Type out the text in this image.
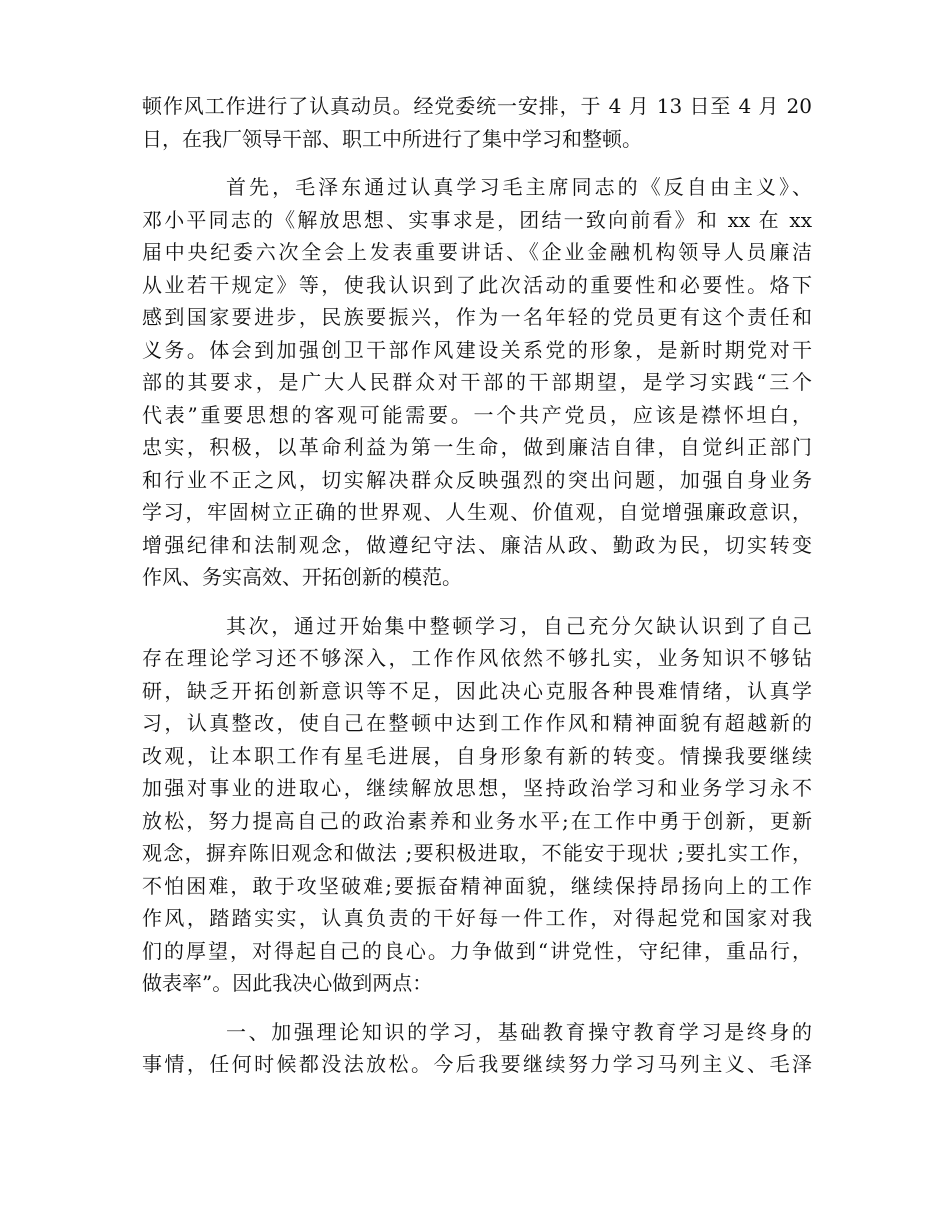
顿作风工作进行了认真动员。经党委统一安排，于 4 月 13 日至 4 月 20
日，在我厂领导干部、职工中所进行了集中学习和整顿。
首先，毛泽东通过认真学习毛主席同志的《反自由主义》、
邓小平同志的《解放思想、实事求是，团结一致向前看》和 xx 在 xx
届中央纪委六次全会上发表重要讲话、《企业金融机构领导人员廉洁
从业若干规定》等，使我认识到了此次活动的重要性和必要性。烙下
感到国家要进步，民族要振兴，作为一名年轻的党员更有这个责任和
义务。体会到加强创卫干部作风建设关系党的形象，是新时期党对干
部的其要求，是广大人民群众对干部的干部期望，是学习实践“三个
代表”重要思想的客观可能需要。一个共产党员，应该是襟怀坦白，
忠实，积极，以革命利益为第一生命，做到廉洁自律，自觉纠正部门
和行业不正之风，切实解决群众反映强烈的突出问题，加强自身业务
学习，牢固树立正确的世界观、人生观、价值观，自觉增强廉政意识，
增强纪律和法制观念，做遵纪守法、廉洁从政、勤政为民，切实转变
作风、务实高效、开拓创新的模范。
其次，通过开始集中整顿学习，自己充分欠缺认识到了自己
存在理论学习还不够深入，工作作风依然不够扎实，业务知识不够钻
研，缺乏开拓创新意识等不足，因此决心克服各种畏难情绪，认真学
习，认真整改，使自己在整顿中达到工作作风和精神面貌有超越新的
改观，让本职工作有星毛进展，自身形象有新的转变。情操我要继续
加强对事业的进取心，继续解放思想，坚持政治学习和业务学习永不
放松，努力提高自己的政治素养和业务水平;在工作中勇于创新，更新
观念，摒弃陈旧观念和做法 ;要积极进取，不能安于现状 ;要扎实工作，
不怕困难，敢于攻坚破难;要振奋精神面貌，继续保持昂扬向上的工作
作风，踏踏实实，认真负责的干好每一件工作，对得起党和国家对我
们的厚望，对得起自己的良心。力争做到“讲党性，守纪律，重品行，
做表率”。因此我决心做到两点：
一、加强理论知识的学习，基础教育操守教育学习是终身的
事情，任何时候都没法放松。今后我要继续努力学习马列主义、毛泽
